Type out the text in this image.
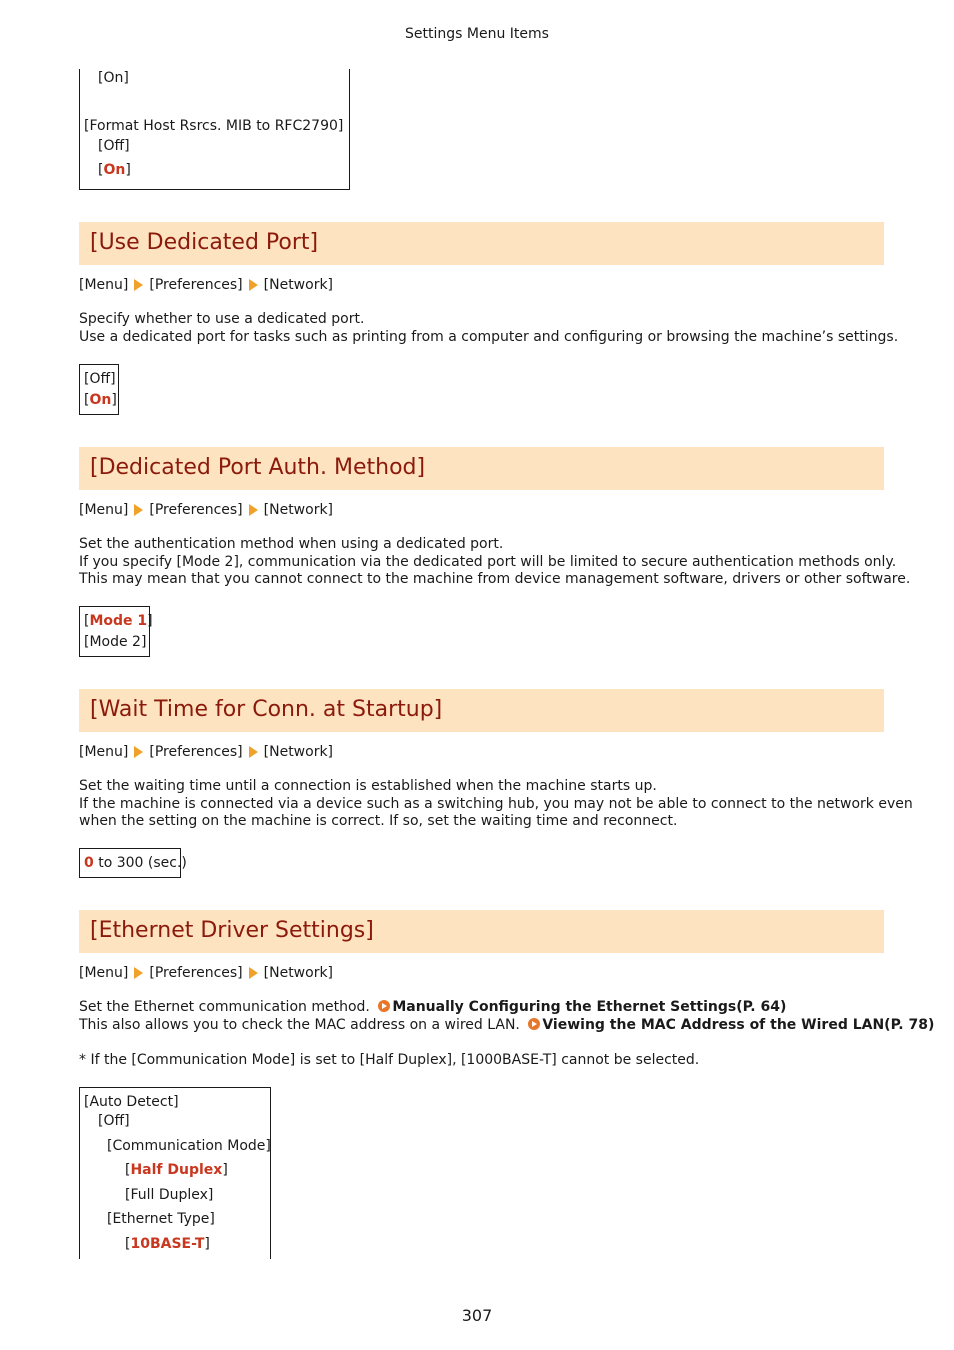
Settings Menu Items
[On]
[Format Host Rsrcs. MIB to RFC2790]
[Off]
[On]
[Use Dedicated Port]
[Menu] [Preferences] [Network]
Specify whether to use a dedicated port.
Use a dedicated port for tasks such as printing from a computer and configuring or browsing the machine’s settings.
[Off]
[On]
[Dedicated Port Auth. Method]
[Menu] [Preferences] [Network]
Set the authentication method when using a dedicated port.
If you specify [Mode 2], communication via the dedicated port will be limited to secure authentication methods only.
This may mean that you cannot connect to the machine from device management software, drivers or other software.
[Mode 1]
[Mode 2]
[Wait Time for Conn. at Startup]
[Menu] [Preferences] [Network]
Set the waiting time until a connection is established when the machine starts up.
If the machine is connected via a device such as a switching hub, you may not be able to connect to the network even
when the setting on the machine is correct. If so, set the waiting time and reconnect.
0 to 300 (sec.)
[Ethernet Driver Settings]
[Menu] [Preferences] [Network]
Set the Ethernet communication method. Manually Configuring the Ethernet Settings(P. 64)
This also allows you to check the MAC address on a wired LAN. Viewing the MAC Address of the Wired LAN(P. 78)
* If the [Communication Mode] is set to [Half Duplex], [1000BASE-T] cannot be selected.
[Auto Detect]
[Off]
[Communication Mode]
[Half Duplex]
[Full Duplex]
[Ethernet Type]
[10BASE-T]
307
